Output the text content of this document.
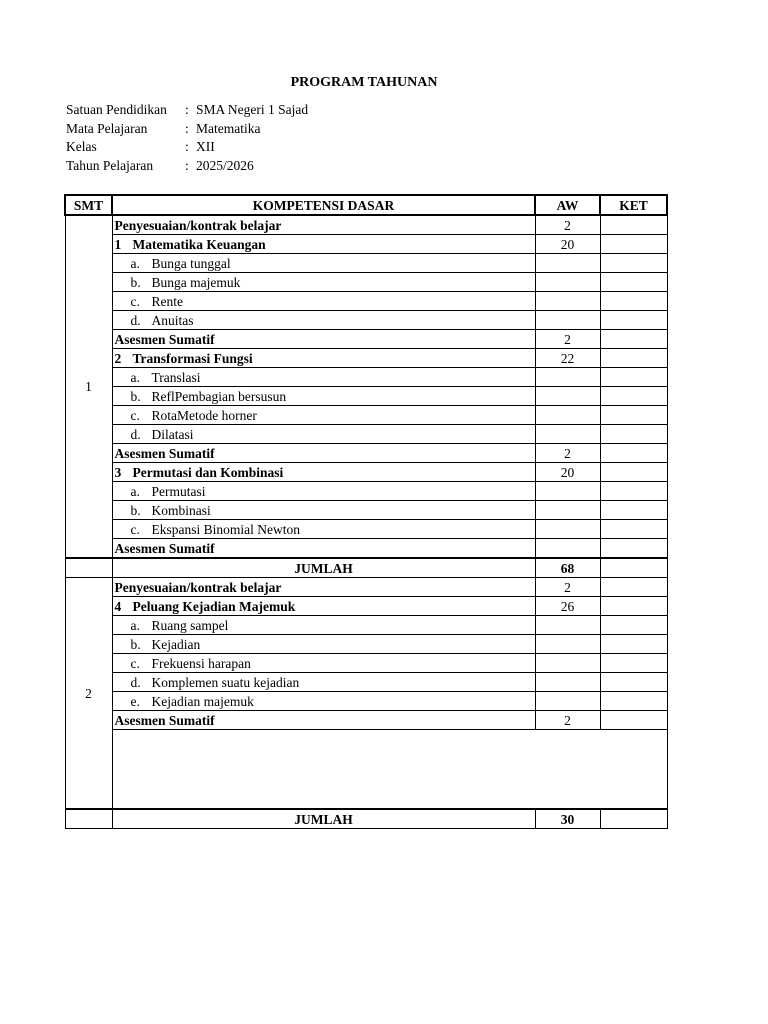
PROGRAM TAHUNAN
Satuan Pendidikan	: SMA Negeri 1 Sajad
Mata Pelajaran	: Matematika
Kelas	: XII
Tahun Pelajaran	: 2025/2026
SMT	KOMPETENSI DASAR	AW	KET
1	Penyesuaian/kontrak belajar	2	
	1 Matematika Keuangan	20	
	a. Bunga tunggal		
	b. Bunga majemuk		
	c. Rente		
	d. Anuitas		
	Asesmen Sumatif	2	
	2 Transformasi Fungsi	22	
	a. Translasi		
	b. ReflPembagian bersusun		
	c. RotaMetode horner		
	d. Dilatasi		
	Asesmen Sumatif	2	
	3 Permutasi dan Kombinasi	20	
	a. Permutasi		
	b. Kombinasi		
	c. Ekspansi Binomial Newton		
	Asesmen Sumatif		
	JUMLAH	68	
2	Penyesuaian/kontrak belajar	2	
	4 Peluang Kejadian Majemuk	26	
	a. Ruang sampel		
	b. Kejadian		
	c. Frekuensi harapan		
	d. Komplemen suatu kejadian		
	e. Kejadian majemuk		
	Asesmen Sumatif	2	

	JUMLAH	30	
